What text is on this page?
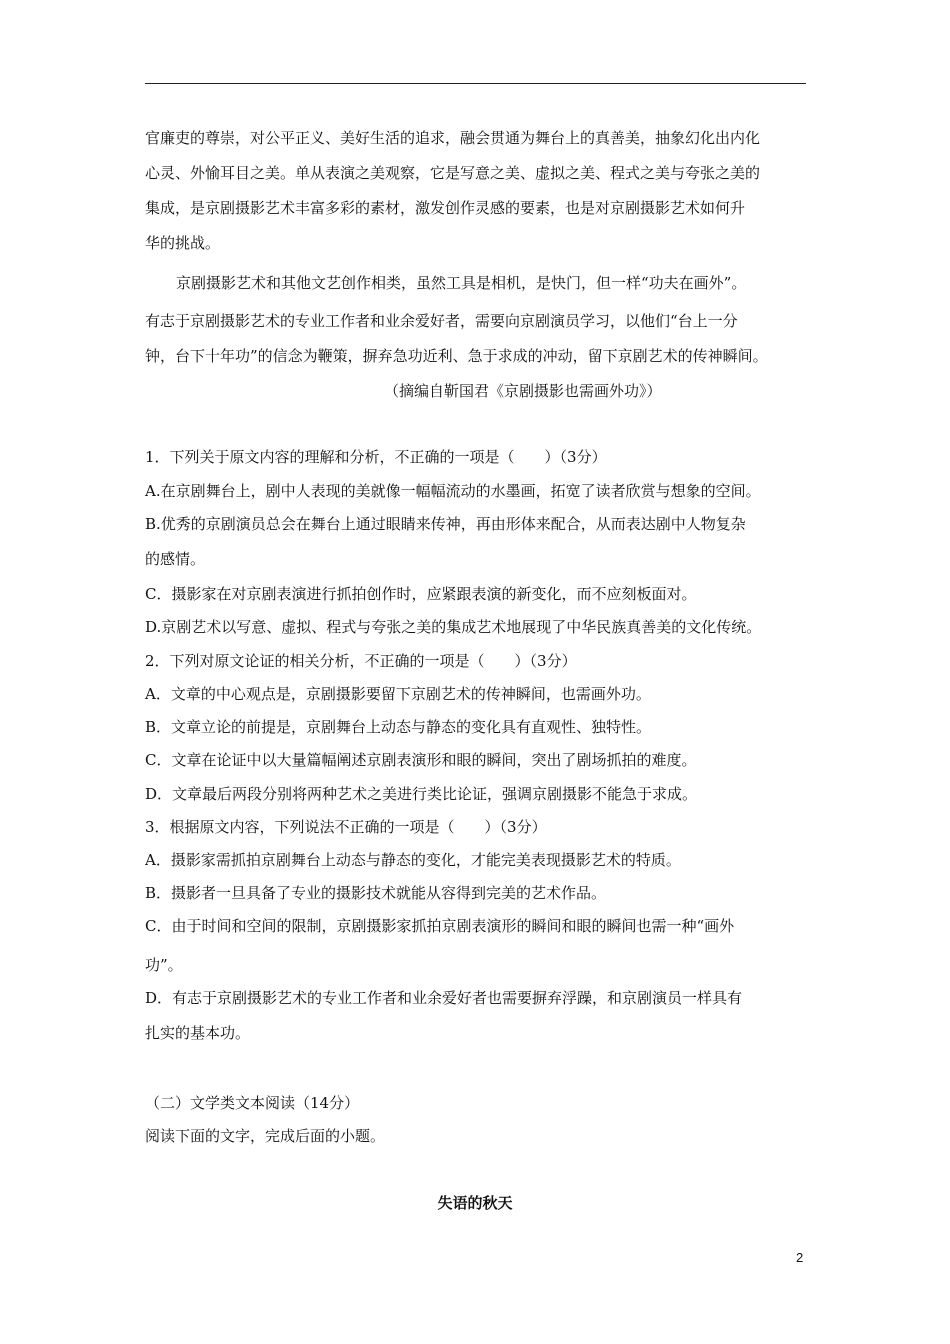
官廉吏的尊崇，对公平正义、美好生活的追求，融会贯通为舞台上的真善美，抽象幻化出内化
心灵、外愉耳目之美。单从表演之美观察，它是写意之美、虚拟之美、程式之美与夸张之美的
集成，是京剧摄影艺术丰富多彩的素材，激发创作灵感的要素，也是对京剧摄影艺术如何升
华的挑战。
京剧摄影艺术和其他文艺创作相类，虽然工具是相机，是快门，但一样“功夫在画外”。
有志于京剧摄影艺术的专业工作者和业余爱好者，需要向京剧演员学习，以他们“台上一分
钟，台下十年功”的信念为鞭策，摒弃急功近利、急于求成的冲动，留下京剧艺术的传神瞬间。
（摘编自靳国君《京剧摄影也需画外功》）
1．下列关于原文内容的理解和分析，不正确的一项是（　　）（3分）
A.在京剧舞台上，剧中人表现的美就像一幅幅流动的水墨画，拓宽了读者欣赏与想象的空间。
B.优秀的京剧演员总会在舞台上通过眼睛来传神，再由形体来配合，从而表达剧中人物复杂
的感情。
C．摄影家在对京剧表演进行抓拍创作时，应紧跟表演的新变化，而不应刻板面对。
D.京剧艺术以写意、虚拟、程式与夸张之美的集成艺术地展现了中华民族真善美的文化传统。
2．下列对原文论证的相关分析，不正确的一项是（　　）（3分）
A．文章的中心观点是，京剧摄影要留下京剧艺术的传神瞬间，也需画外功。
B．文章立论的前提是，京剧舞台上动态与静态的变化具有直观性、独特性。
C．文章在论证中以大量篇幅阐述京剧表演形和眼的瞬间，突出了剧场抓拍的难度。
D．文章最后两段分别将两种艺术之美进行类比论证，强调京剧摄影不能急于求成。
3．根据原文内容，下列说法不正确的一项是（　　）（3分）
A．摄影家需抓拍京剧舞台上动态与静态的变化，才能完美表现摄影艺术的特质。
B．摄影者一旦具备了专业的摄影技术就能从容得到完美的艺术作品。
C．由于时间和空间的限制，京剧摄影家抓拍京剧表演形的瞬间和眼的瞬间也需一种“画外
功”。
D．有志于京剧摄影艺术的专业工作者和业余爱好者也需要摒弃浮躁，和京剧演员一样具有
扎实的基本功。
（二）文学类文本阅读（14分）
阅读下面的文字，完成后面的小题。
失语的秋天
2
